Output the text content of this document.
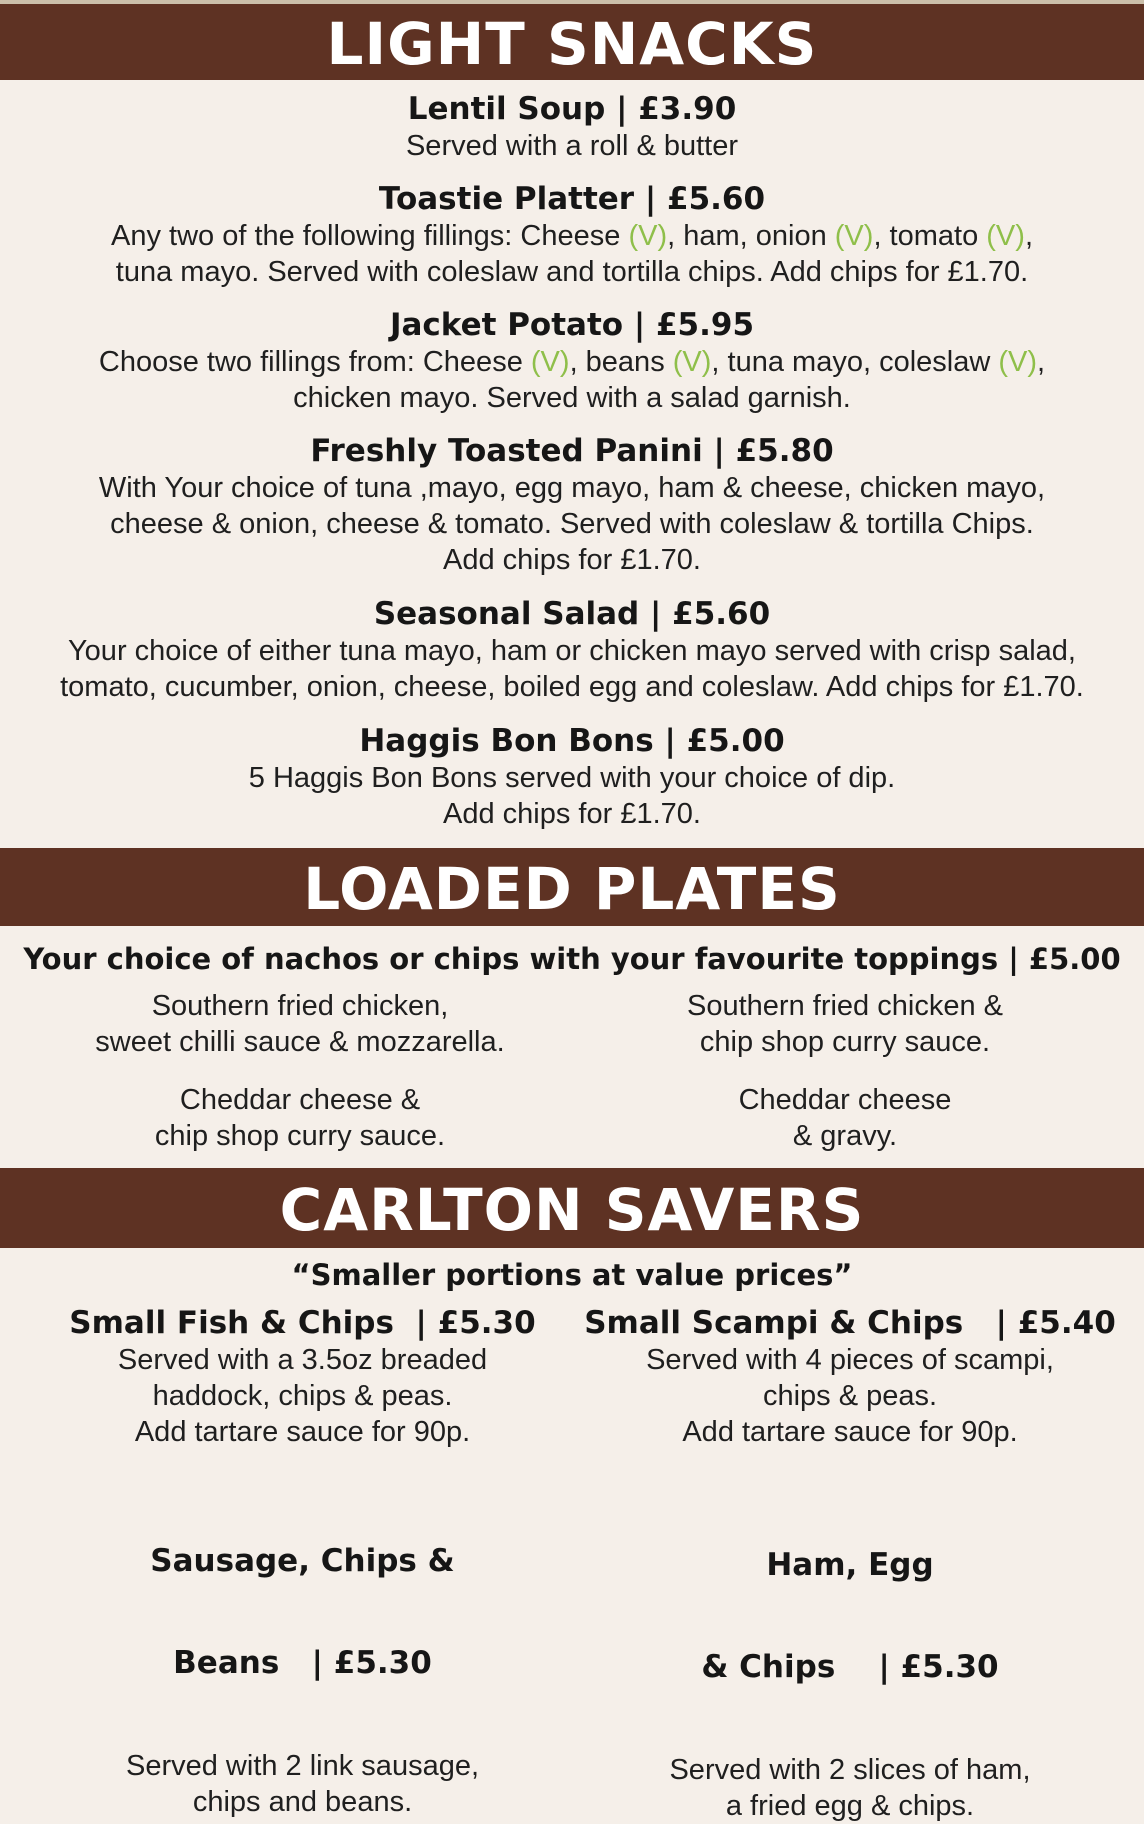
LIGHT SNACKS
Lentil Soup | £3.90
Served with a roll & butter
Toastie Platter | £5.60
Any two of the following fillings: Cheese (V), ham, onion (V), tomato (V),
tuna mayo. Served with coleslaw and tortilla chips. Add chips for £1.70.
Jacket Potato | £5.95
Choose two fillings from: Cheese (V), beans (V), tuna mayo, coleslaw (V),
chicken mayo. Served with a salad garnish.
Freshly Toasted Panini | £5.80
With Your choice of tuna ,mayo, egg mayo, ham & cheese, chicken mayo,
cheese & onion, cheese & tomato. Served with coleslaw & tortilla Chips.
Add chips for £1.70.
Seasonal Salad | £5.60
Your choice of either tuna mayo, ham or chicken mayo served with crisp salad,
tomato, cucumber, onion, cheese, boiled egg and coleslaw. Add chips for £1.70.
Haggis Bon Bons | £5.00
5 Haggis Bon Bons served with your choice of dip.
Add chips for £1.70.
LOADED PLATES
Your choice of nachos or chips with your favourite toppings | £5.00
Southern fried chicken,
sweet chilli sauce & mozzarella.
Southern fried chicken &
chip shop curry sauce.
Cheddar cheese &
chip shop curry sauce.
Cheddar cheese
& gravy.
CARLTON SAVERS
“Smaller portions at value prices”
Small Fish & Chips  | £5.30
Served with a 3.5oz breaded
haddock, chips & peas.
Add tartare sauce for 90p.
Small Scampi & Chips   | £5.40
Served with 4 pieces of scampi,
chips & peas.
Add tartare sauce for 90p.

Sausage, Chips &

Beans   | £5.30

Served with 2 link sausage,
chips and beans.

Ham, Egg

& Chips    | £5.30

Served with 2 slices of ham,
a fried egg & chips.
